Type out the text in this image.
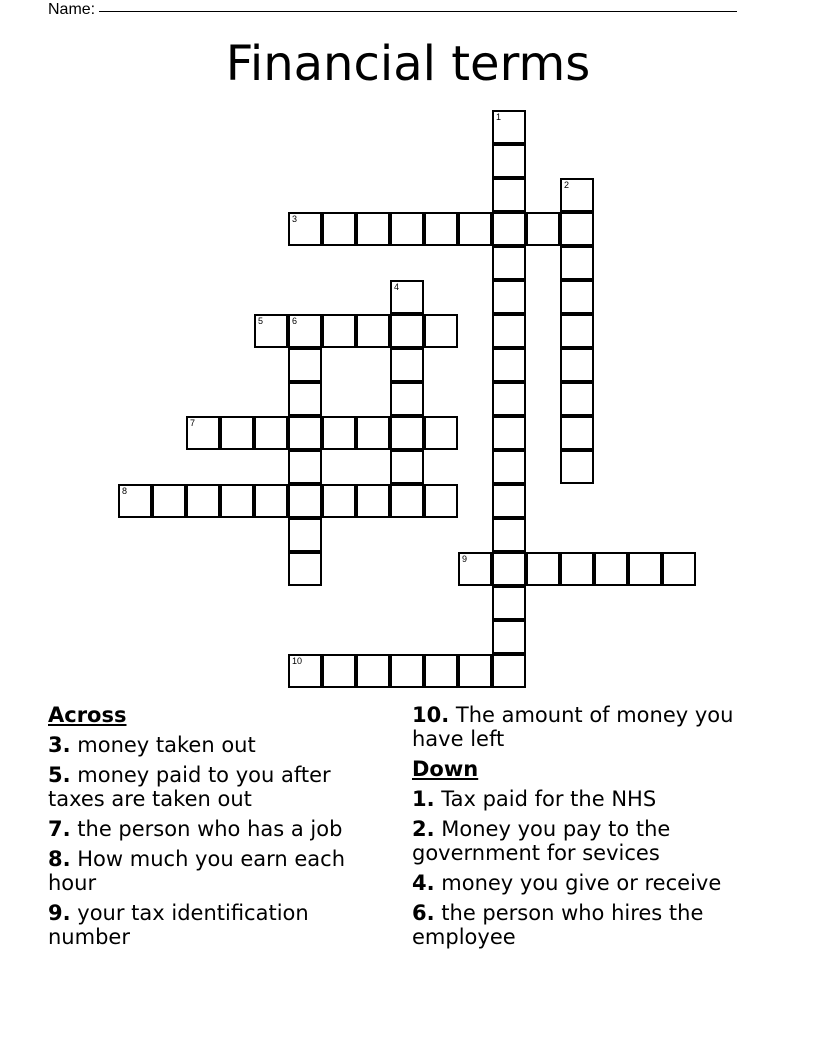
Name:
Financial terms
1
2
3
4
5	6
7
8
9
10
Across
3. money taken out
5. money paid to you after taxes are taken out
7. the person who has a job
8. How much you earn each hour
9. your tax identification number
10. The amount of money you have left
Down
1. Tax paid for the NHS
2. Money you pay to the government for sevices
4. money you give or receive
6. the person who hires the employee
